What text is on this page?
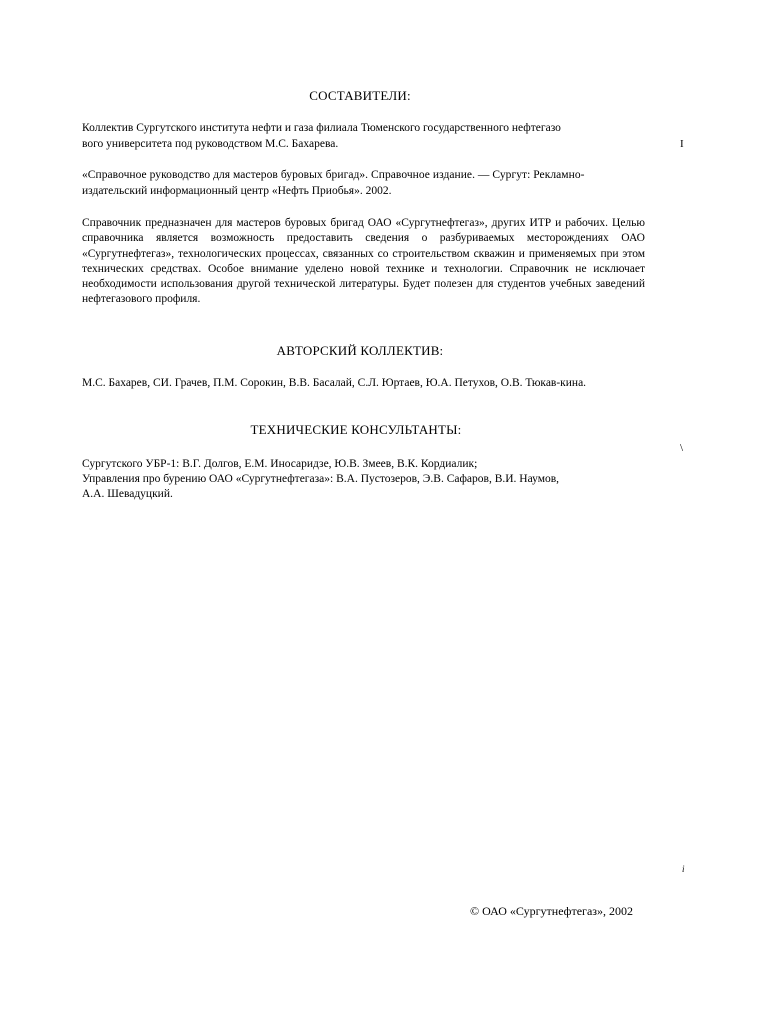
СОСТАВИТЕЛИ:
Коллектив Сургутского института нефти и газа филиала Тюменского государственного нефтегазо
вого университета под руководством М.С. Бахарева.	I
«Справочное руководство для мастеров буровых бригад». Справочное издание. — Сургут: Рекламно-
издательский информационный центр «Нефть Приобья». 2002.
Справочник предназначен для мастеров буровых бригад ОАО «Сургутнефтегаз», других ИТР и рабочих. Целью справочника является возможность предоставить сведения о разбуриваемых месторождениях ОАО «Сургутнефтегаз», технологических процессах, связанных со строительством скважин и применяемых при этом технических средствах. Особое внимание уделено новой технике и технологии. Справочник не исключает необходимости использования другой технической литературы. Будет полезен для студентов учебных заведений нефтегазового профиля.
АВТОРСКИЙ КОЛЛЕКТИВ:
М.С. Бахарев, СИ. Грачев, П.М. Сорокин, В.В. Басалай, С.Л. Юртаев, Ю.А. Петухов, О.В. Тюкав-кина.
ТЕХНИЧЕСКИЕ КОНСУЛЬТАНТЫ:
\
Сургутского УБР-1: В.Г. Долгов, Е.М. Иносаридзе, Ю.В. Змеев, В.К. Кордиалик;
Управления про бурению ОАО «Сургутнефтегаза»: В.А. Пустозеров, Э.В. Сафаров, В.И. Наумов,
А.А. Шевадуцкий.
i
© ОАО «Сургутнефтегаз», 2002
